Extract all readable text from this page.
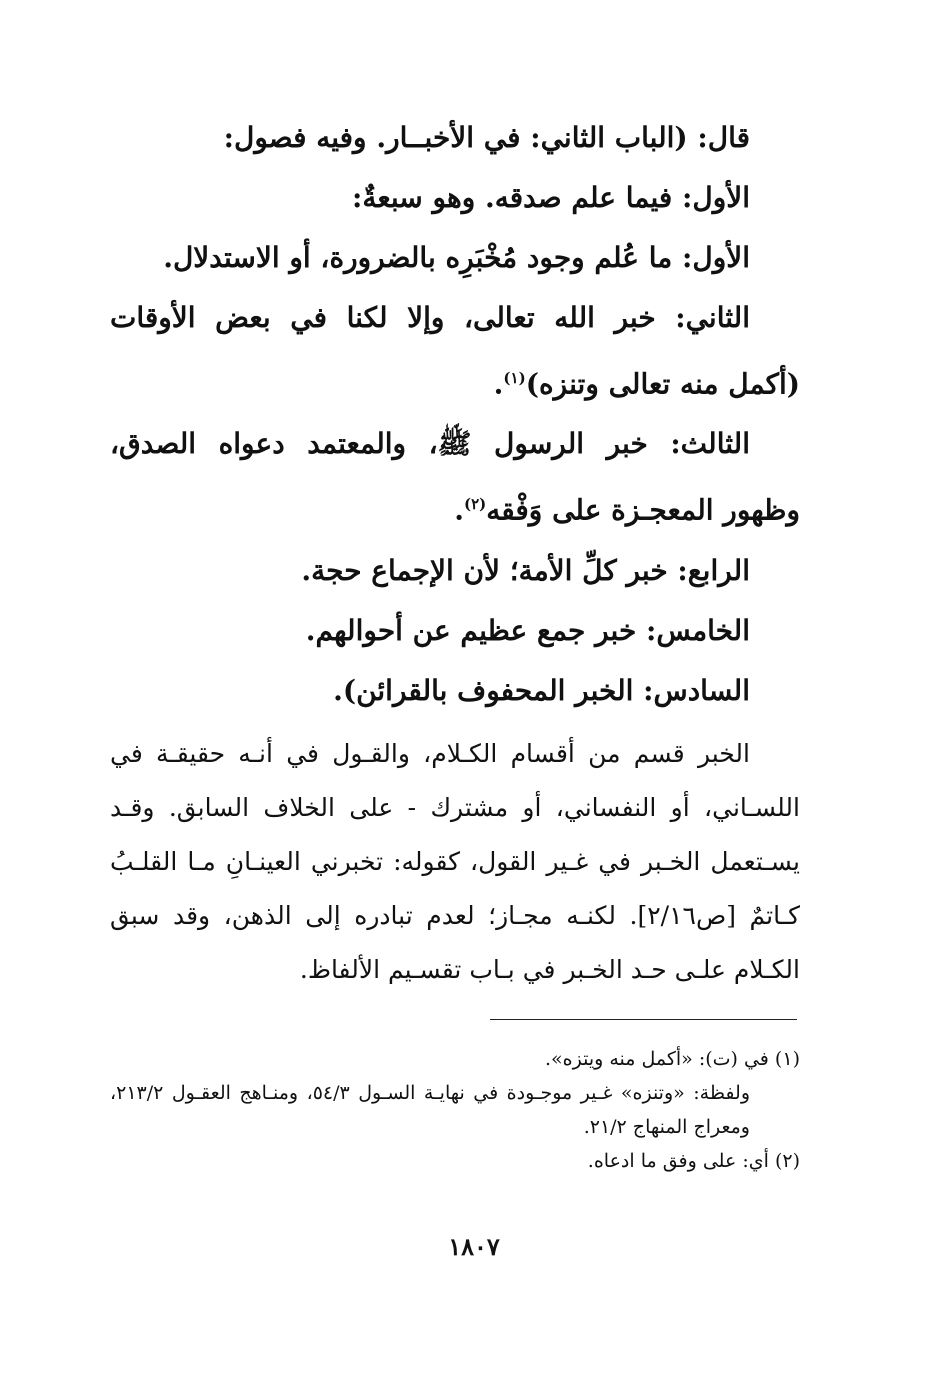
قال: (الباب الثاني: في الأخبــار. وفيه فصول:

الأول: فيما علم صدقه. وهو سبعةٌ:

الأول: ما عُلم وجود مُخْبَرِه بالضرورة، أو الاستدلال.

الثاني: خبر الله تعالى، وإلا لكنا في بعض الأوقات (أكمل منه تعالى وتنزه)$^{(١)}$.

الثالث: خبر الرسول ﷺ، والمعتمد دعواه الصدق، وظهور المعجـزة على وَفْقه$^{(٢)}$.

الرابع: خبر كلِّ الأمة؛ لأن الإجماع حجة.

الخامس: خبر جمع عظيم عن أحوالهم.

السادس: الخبر المحفوف بالقرائن).

الخبر قسم من أقسام الكـلام، والقـول في أنـه حقيقـة في اللسـاني، أو النفساني، أو مشترك - على الخلاف السابق. وقـد يسـتعمل الخـبر في غـير القول، كقوله: تخبرني العينـانِ مـا القلـبُ كـاتمٌ [ص٢/١٦]. لكنـه مجـاز؛ لعدم تبادره إلى الذهن، وقد سبق الكـلام علـى حـد الخـبر في بـاب تقسـيم الألفاظ.

(١) في (ت): «أكمل منه ويتزه».

ولفظة: «وتنزه» غـير موجـودة في نهايـة السـول ٥٤/٣، ومنـاهج العقـول ٢١٣/٢، ومعراج المنهاج ٢١/٢.

(٢) أي: على وفق ما ادعاه.

١٨٠٧
